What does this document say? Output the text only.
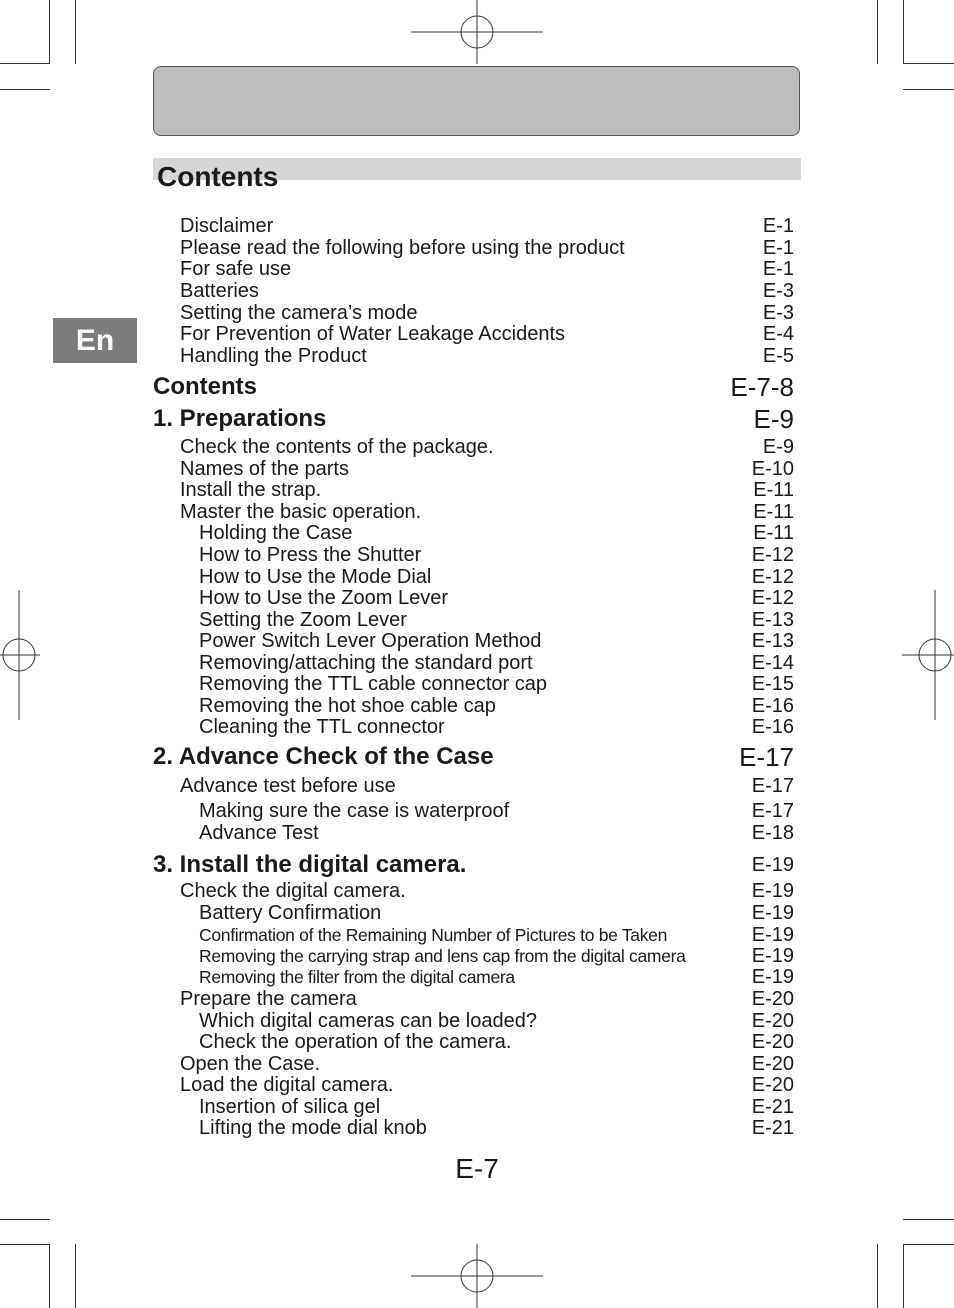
Contents
En
Disclaimer	E-1
Please read the following before using the product	E-1
For safe use	E-1
Batteries	E-3
Setting the camera’s mode	E-3
For Prevention of Water Leakage Accidents	E-4
Handling the Product	E-5
Contents	E-7-8
1. Preparations	E-9
Check the contents of the package.	E-9
Names of the parts	E-10
Install the strap.	E-11
Master the basic operation.	E-11
Holding the Case	E-11
How to Press the Shutter	E-12
How to Use the Mode Dial	E-12
How to Use the Zoom Lever	E-12
Setting the Zoom Lever	E-13
Power Switch Lever Operation Method	E-13
Removing/attaching the standard port	E-14
Removing the TTL cable connector cap	E-15
Removing the hot shoe cable cap	E-16
Cleaning the TTL connector	E-16
2. Advance Check of the Case	E-17
Advance test before use	E-17
Making sure the case is waterproof	E-17
Advance Test	E-18
3. Install the digital camera.	E-19
Check the digital camera.	E-19
Battery Confirmation	E-19
Confirmation of the Remaining Number of Pictures to be Taken	E-19
Removing the carrying strap and lens cap from the digital camera	E-19
Removing the filter from the digital camera	E-19
Prepare the camera	E-20
Which digital cameras can be loaded?	E-20
Check the operation of the camera.	E-20
Open the Case.	E-20
Load the digital camera.	E-20
Insertion of silica gel	E-21
Lifting the mode dial knob	E-21
E-7
